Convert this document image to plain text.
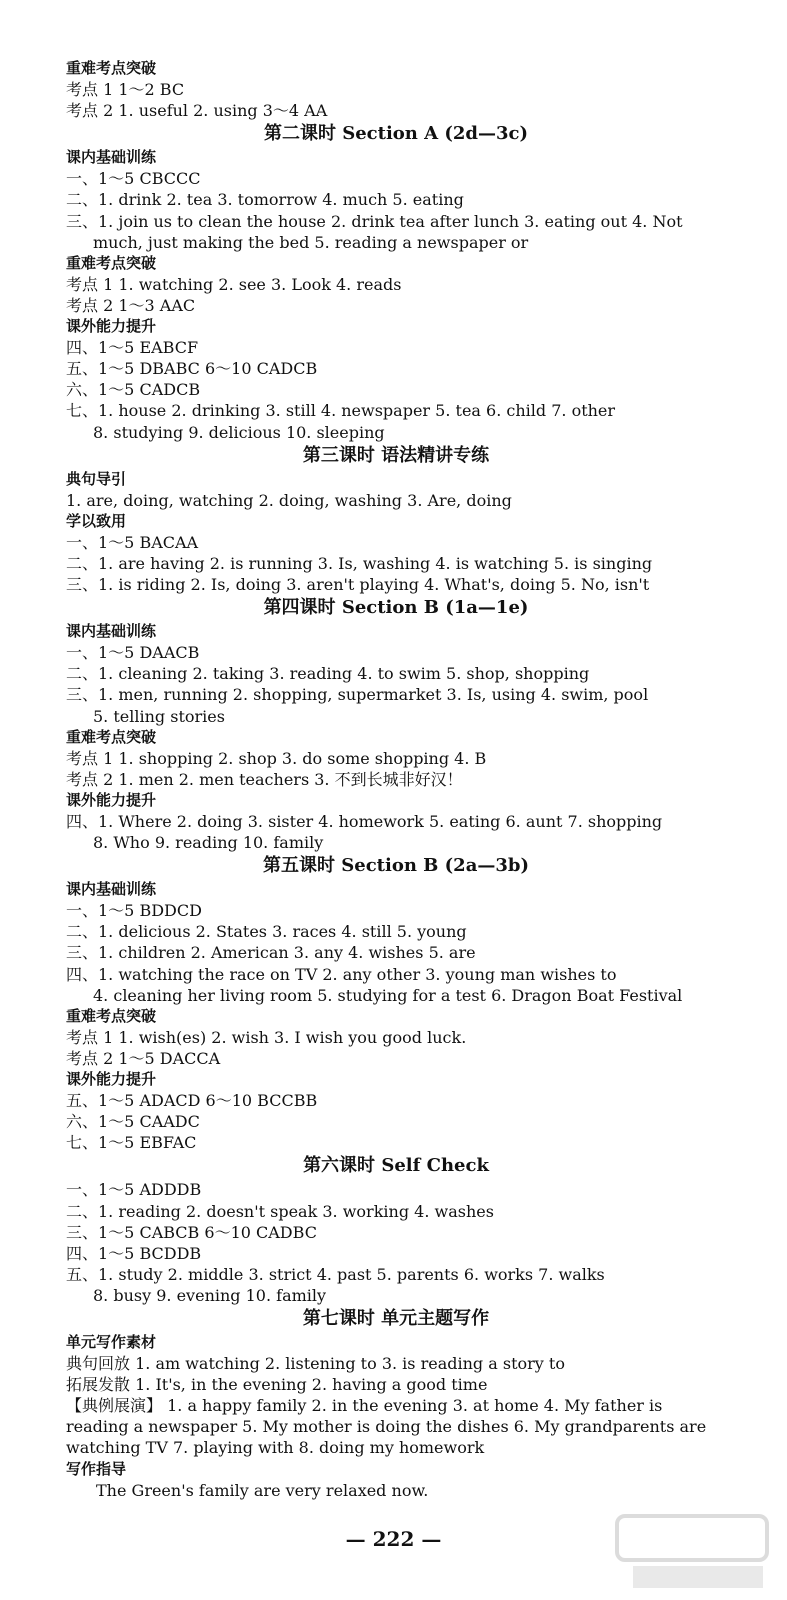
重难考点突破
考点 1 1～2 BC
考点 2 1. useful 2. using 3～4 AA
第二课时 Section A (2d—3c)
课内基础训练
一、1～5 CBCCC
二、1. drink 2. tea 3. tomorrow 4. much 5. eating
三、1. join us to clean the house 2. drink tea after lunch 3. eating out 4. Not
much, just making the bed 5. reading a newspaper or
重难考点突破
考点 1 1. watching 2. see 3. Look 4. reads
考点 2 1～3 AAC
课外能力提升
四、1～5 EABCF
五、1～5 DBABC 6～10 CADCB
六、1～5 CADCB
七、1. house 2. drinking 3. still 4. newspaper 5. tea 6. child 7. other
8. studying 9. delicious 10. sleeping
第三课时 语法精讲专练
典句导引
1. are, doing, watching 2. doing, washing 3. Are, doing
学以致用
一、1～5 BACAA
二、1. are having 2. is running 3. Is, washing 4. is watching 5. is singing
三、1. is riding 2. Is, doing 3. aren't playing 4. What's, doing 5. No, isn't
第四课时 Section B (1a—1e)
课内基础训练
一、1～5 DAACB
二、1. cleaning 2. taking 3. reading 4. to swim 5. shop, shopping
三、1. men, running 2. shopping, supermarket 3. Is, using 4. swim, pool
5. telling stories
重难考点突破
考点 1 1. shopping 2. shop 3. do some shopping 4. B
考点 2 1. men 2. men teachers 3. 不到长城非好汉！
课外能力提升
四、1. Where 2. doing 3. sister 4. homework 5. eating 6. aunt 7. shopping
8. Who 9. reading 10. family
第五课时 Section B (2a—3b)
课内基础训练
一、1～5 BDDCD
二、1. delicious 2. States 3. races 4. still 5. young
三、1. children 2. American 3. any 4. wishes 5. are
四、1. watching the race on TV 2. any other 3. young man wishes to
4. cleaning her living room 5. studying for a test 6. Dragon Boat Festival
重难考点突破
考点 1 1. wish(es) 2. wish 3. I wish you good luck.
考点 2 1～5 DACCA
课外能力提升
五、1～5 ADACD 6～10 BCCBB
六、1～5 CAADC
七、1～5 EBFAC
第六课时 Self Check
一、1～5 ADDDB
二、1. reading 2. doesn't speak 3. working 4. washes
三、1～5 CABCB 6～10 CADBC
四、1～5 BCDDB
五、1. study 2. middle 3. strict 4. past 5. parents 6. works 7. walks
8. busy 9. evening 10. family
第七课时 单元主题写作
单元写作素材
典句回放 1. am watching 2. listening to 3. is reading a story to
拓展发散 1. It's, in the evening 2. having a good time
【典例展演】 1. a happy family 2. in the evening 3. at home 4. My father is
reading a newspaper 5. My mother is doing the dishes 6. My grandparents are
watching TV 7. playing with 8. doing my homework
写作指导
The Green's family are very relaxed now.
— 222 —
